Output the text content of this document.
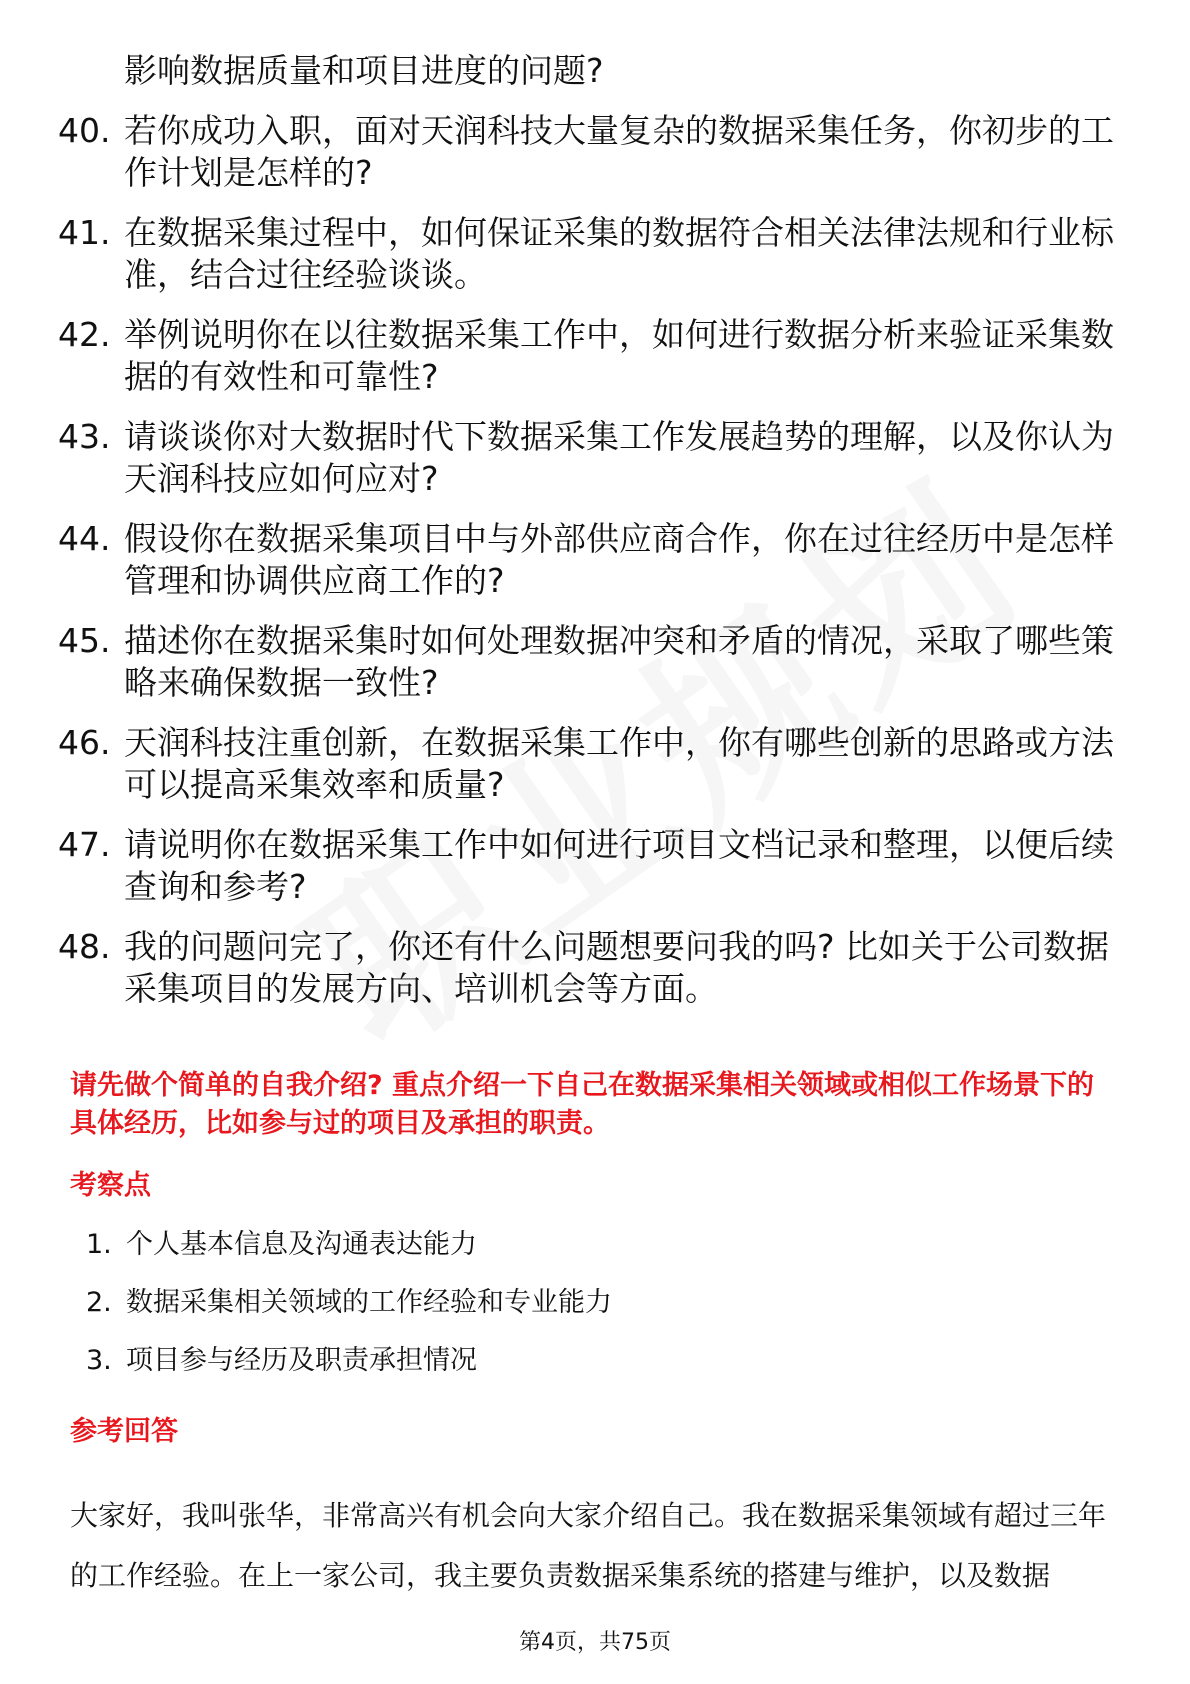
影响数据质量和项目进度的问题?
40. 若你成功入职，面对天润科技大量复杂的数据采集任务，你初步的工作计划是怎样的?
41. 在数据采集过程中，如何保证采集的数据符合相关法律法规和行业标准，结合过往经验谈谈。
42. 举例说明你在以往数据采集工作中，如何进行数据分析来验证采集数据的有效性和可靠性?
43. 请谈谈你对大数据时代下数据采集工作发展趋势的理解，以及你认为天润科技应如何应对?
44. 假设你在数据采集项目中与外部供应商合作，你在过往经历中是怎样管理和协调供应商工作的?
45. 描述你在数据采集时如何处理数据冲突和矛盾的情况，采取了哪些策略来确保数据一致性?
46. 天润科技注重创新，在数据采集工作中，你有哪些创新的思路或方法可以提高采集效率和质量?
47. 请说明你在数据采集工作中如何进行项目文档记录和整理，以便后续查询和参考?
48. 我的问题问完了，你还有什么问题想要问我的吗? 比如关于公司数据采集项目的发展方向、培训机会等方面。
请先做个简单的自我介绍? 重点介绍一下自己在数据采集相关领域或相似工作场景下的具体经历，比如参与过的项目及承担的职责。
考察点
1. 个人基本信息及沟通表达能力
2. 数据采集相关领域的工作经验和专业能力
3. 项目参与经历及职责承担情况
参考回答
大家好，我叫张华，非常高兴有机会向大家介绍自己。我在数据采集领域有超过三年的工作经验。在上一家公司，我主要负责数据采集系统的搭建与维护，以及数据
第4页，共75页
